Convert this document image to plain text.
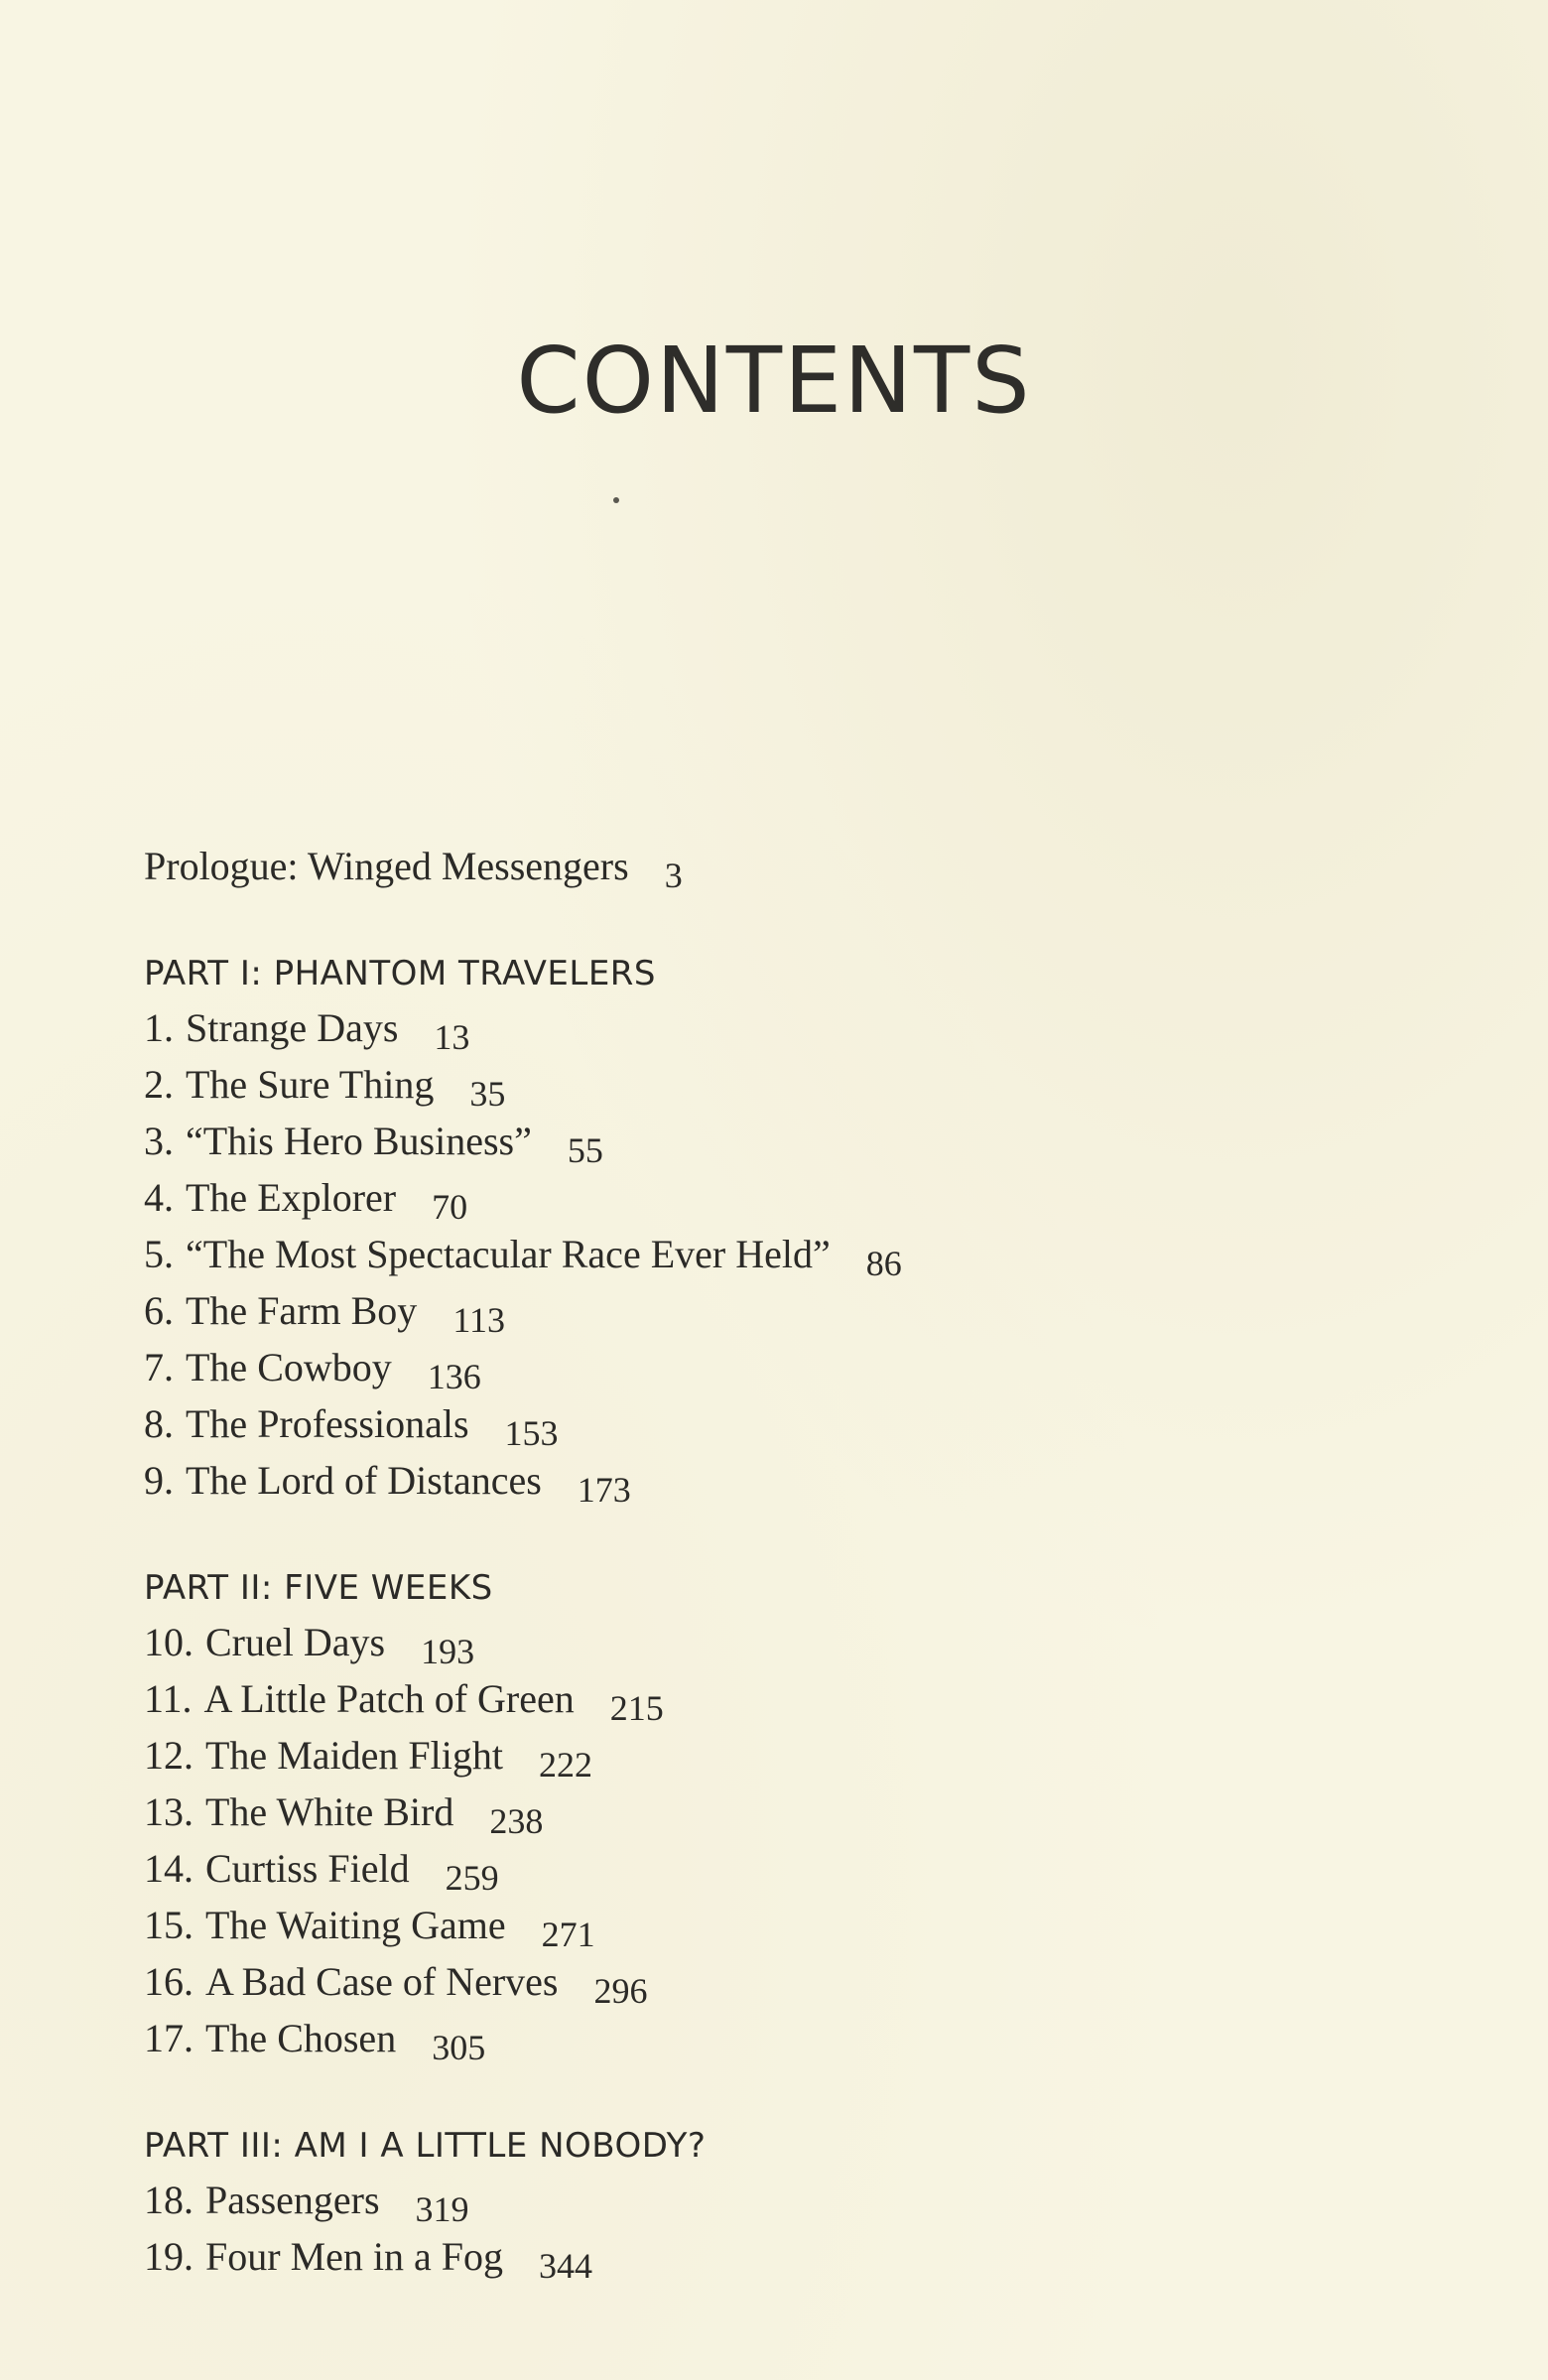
CONTENTS
Prologue: Winged Messengers 3
PART I: PHANTOM TRAVELERS
1. Strange Days 13
2. The Sure Thing 35
3. “This Hero Business” 55
4. The Explorer 70
5. “The Most Spectacular Race Ever Held” 86
6. The Farm Boy 113
7. The Cowboy 136
8. The Professionals 153
9. The Lord of Distances 173
PART II: FIVE WEEKS
10. Cruel Days 193
11. A Little Patch of Green 215
12. The Maiden Flight 222
13. The White Bird 238
14. Curtiss Field 259
15. The Waiting Game 271
16. A Bad Case of Nerves 296
17. The Chosen 305
PART III: AM I A LITTLE NOBODY?
18. Passengers 319
19. Four Men in a Fog 344
